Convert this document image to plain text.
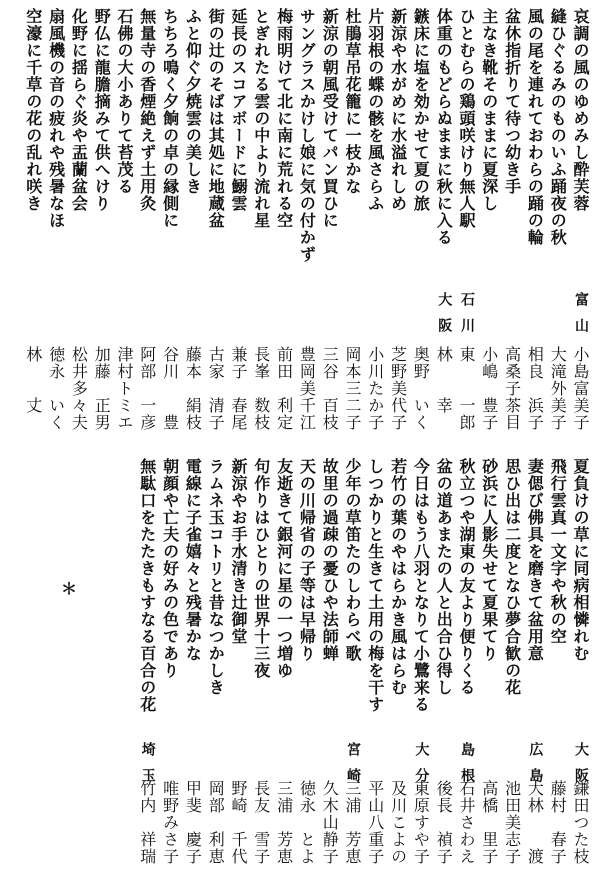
＊
哀調の風のゆめみし酔芙蓉
富山
小島富美子
縫ひぐるみのものいふ踊夜の秋
大滝外美子
風の尾を連れておわらの踊の輪
相良　浜子
盆休指折りて待つ幼き手
高桑子茶目
主なき靴そのままに夏深し
小嶋　豊子
ひとむらの鶏頭咲けり無人駅
石川
東　　一郎
体重のもどらぬままに秋に入る
大阪
林　　幸
鏃床に塩を効かせて夏の旅
奥野　いく
新涼や水がめに水溢れしめ
芝野美代子
片羽根の蝶の骸を風さらふ
小川たか子
杜鵑草吊花籠に一枝かな
岡本三二子
新涼の朝風受けてパン買ひに
三谷　百枝
サングラスかけし娘に気の付かず
豊岡美千江
梅雨明けて北に南に荒れる空
前田　利定
とぎれたる雲の中より流れ星
長峯　数枝
延長のスコアボードに鰯雲
兼子　春尾
街の辻のそばは其処に地蔵盆
古家　清子
ふと仰ぐ夕焼雲の美しき
藤本　絹枝
ちちろ鳴く夕餉の卓の縁側に
谷川　　豊
無量寺の香煙絶えず土用灸
阿部　一彦
石佛の大小ありて苔茂る
津村トミエ
野仏に龍膽摘みて供へけり
加藤　正男
化野に揺らぐ炎や盂蘭盆会
松井多々夫
扇風機の音の疲れや残暑なほ
徳永　いく
空濠に千草の花の乱れ咲き
林　　丈
夏負けの草に同病相憐れむ
大阪
鎌田つた枝
飛行雲真一文字や秋の空
藤村　春子
妻偲び佛具を磨きて盆用意
広島
大林　　渡
思ひ出は二度となひ夢合歓の花
池田美志子
砂浜に人影失せて夏果てり
高橋　里子
秋立つや湖東の友より便りくる
島根
石井さわえ
盆の道あまたの人と出合ひ得し
後長　禎子
今日はもう八羽となりて小鷺来る
大分
東原すや子
若竹の葉のやはらかき風はらむ
及川こよの
しつかりと生きて土用の梅を干す
平山八重子
少年の草笛たのしわらべ歌
宮崎
三浦　芳恵
故里の過疎の憂ひや法師蝉
久木山静子
天の川帰省の子等は早帰り
徳永　とよ
友逝きて銀河に星の一つ増ゆ
三浦　芳恵
句作りはひとりの世界十三夜
長友　雪子
新涼やお手水清き辻御堂
野崎　千代
ラムネ玉コトリと昔なつかしき
岡部　利恵
電線に子雀嬉々と残暑かな
甲斐　慶子
朝顔や亡夫の好みの色であり
唯野みさ子
無駄口をたたきもすなる百合の花
埼玉
竹内　祥瑞
